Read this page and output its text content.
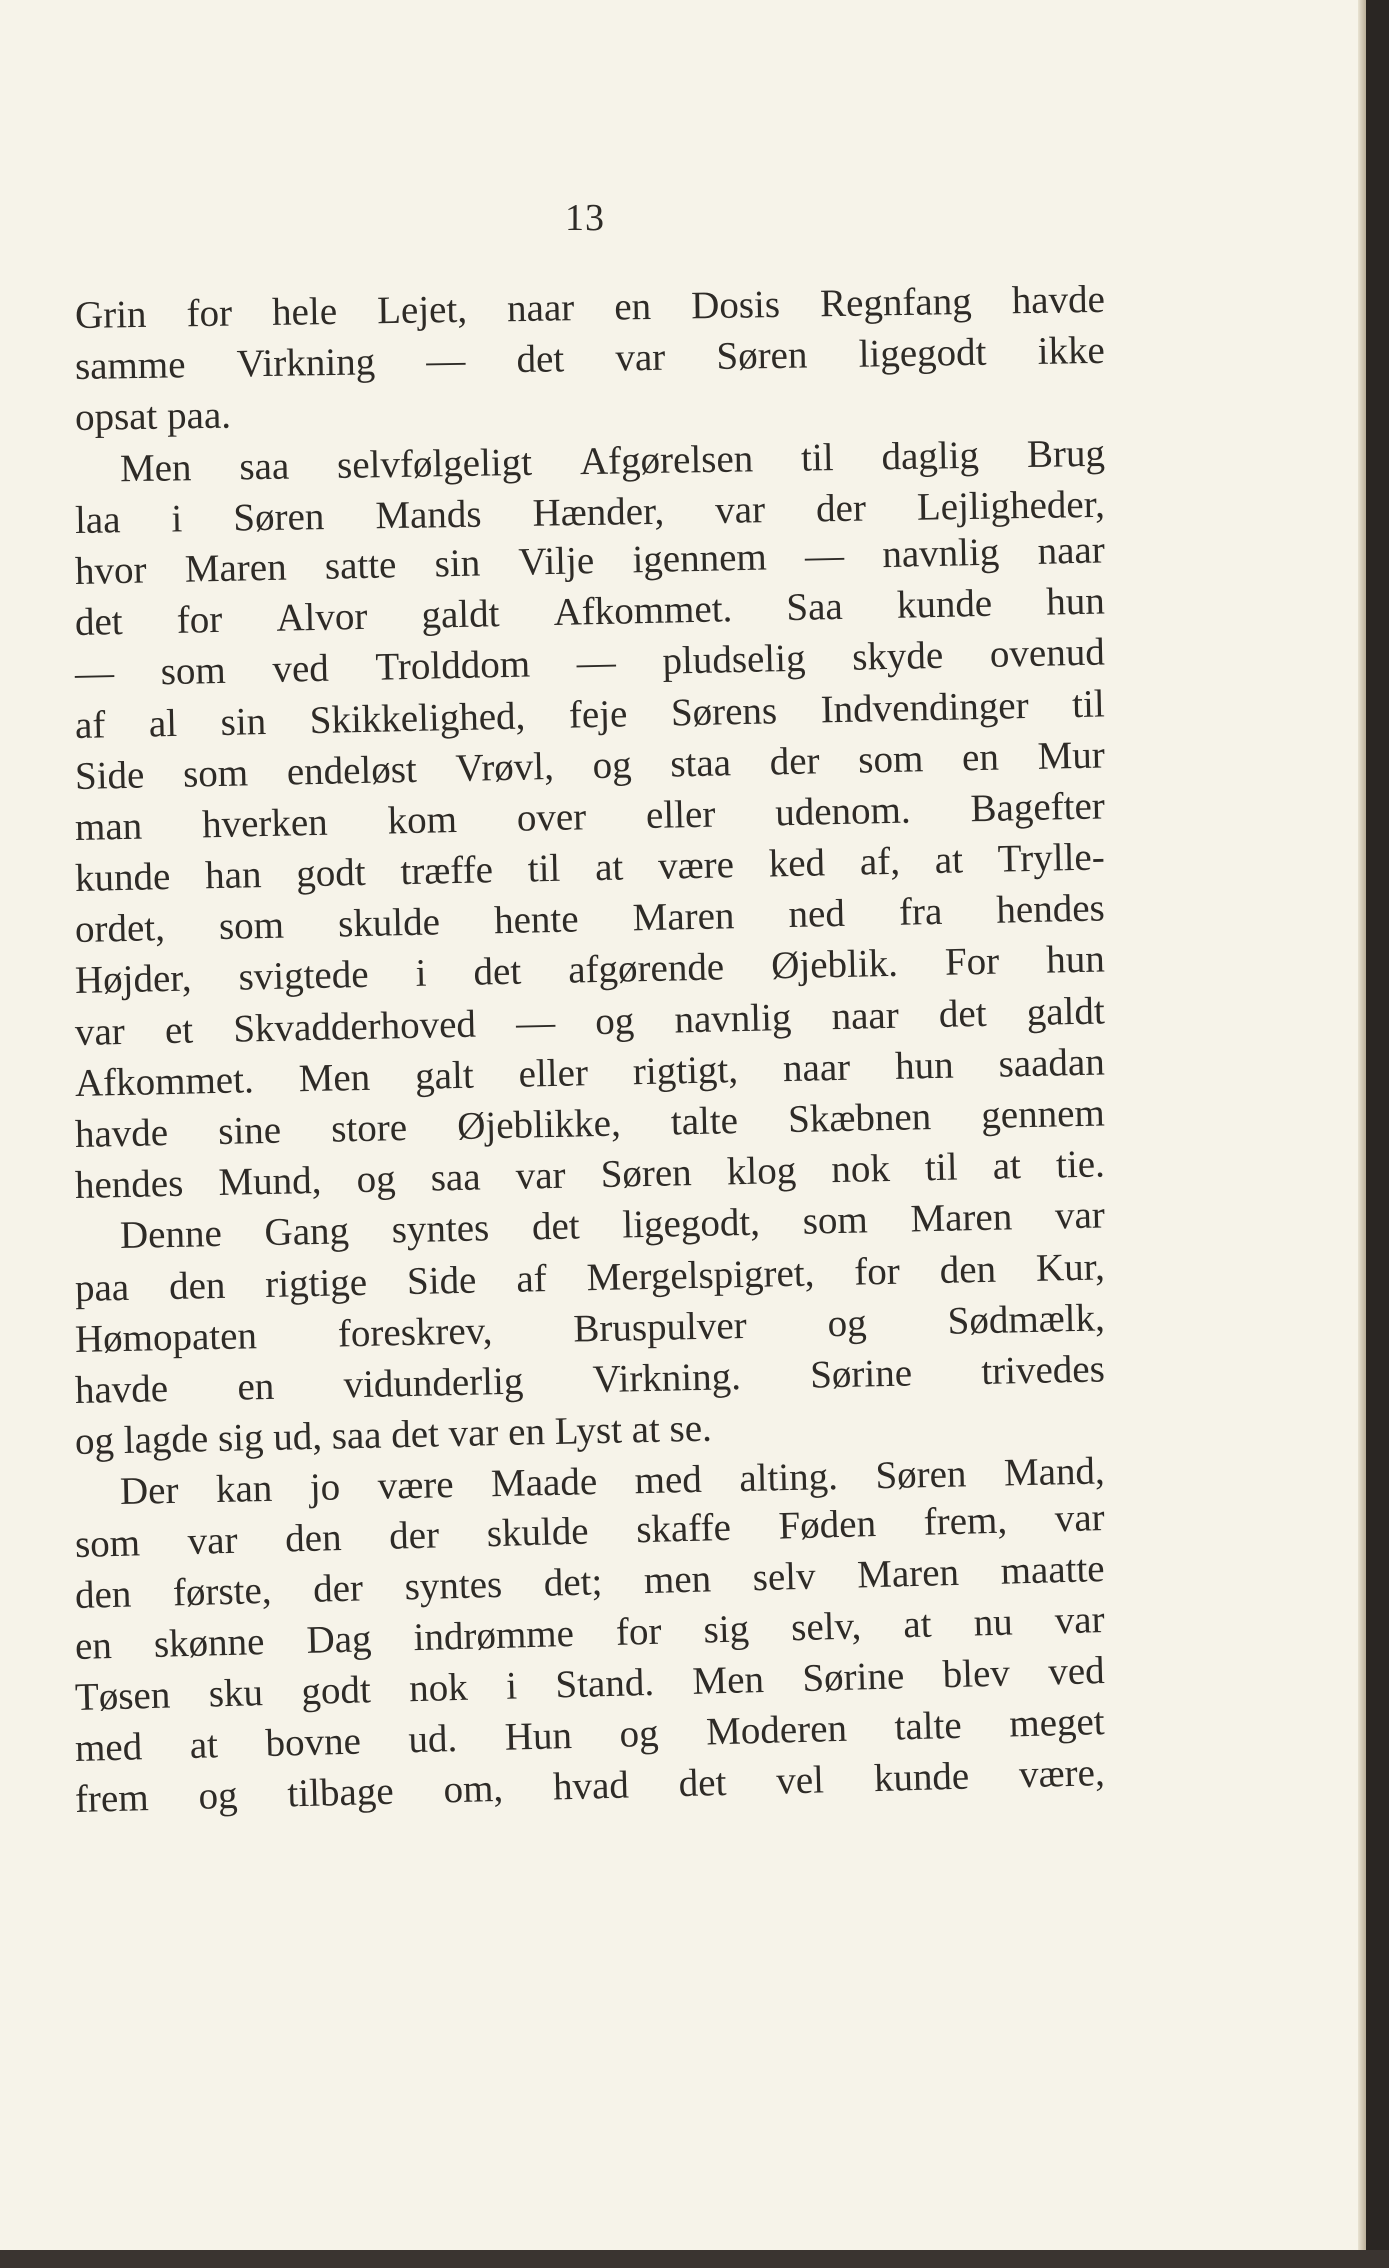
13
Grin for hele Lejet, naar en Dosis Regnfang havde
samme Virkning — det var Søren ligegodt ikke
opsat paa.
Men saa selvfølgeligt Afgørelsen til daglig Brug
laa i Søren Mands Hænder, var der Lejligheder,
hvor Maren satte sin Vilje igennem — navnlig naar
det for Alvor galdt Afkommet. Saa kunde hun
— som ved Trolddom — pludselig skyde ovenud
af al sin Skikkelighed, feje Sørens Indvendinger til
Side som endeløst Vrøvl, og staa der som en Mur
man hverken kom over eller udenom. Bagefter
kunde han godt træffe til at være ked af, at Trylle-
ordet, som skulde hente Maren ned fra hendes
Højder, svigtede i det afgørende Øjeblik. For hun
var et Skvadderhoved — og navnlig naar det galdt
Afkommet. Men galt eller rigtigt, naar hun saadan
havde sine store Øjeblikke, talte Skæbnen gennem
hendes Mund, og saa var Søren klog nok til at tie.
Denne Gang syntes det ligegodt, som Maren var
paa den rigtige Side af Mergelspigret, for den Kur,
Hømopaten foreskrev, Bruspulver og Sødmælk,
havde en vidunderlig Virkning. Sørine trivedes
og lagde sig ud, saa det var en Lyst at se.
Der kan jo være Maade med alting. Søren Mand,
som var den der skulde skaffe Føden frem, var
den første, der syntes det; men selv Maren maatte
en skønne Dag indrømme for sig selv, at nu var
Tøsen sku godt nok i Stand. Men Sørine blev ved
med at bovne ud. Hun og Moderen talte meget
frem og tilbage om, hvad det vel kunde være,
